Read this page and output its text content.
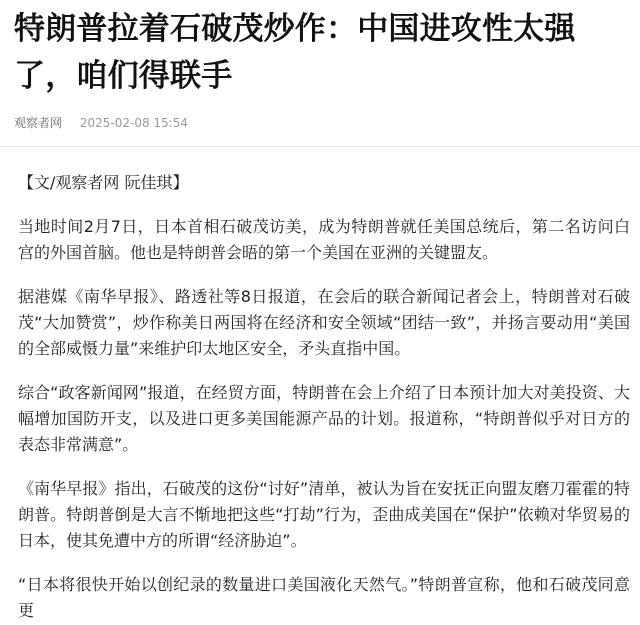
特朗普拉着石破茂炒作：中国进攻性太强了，咱们得联手
观察者网 2025-02-08 15:54

【文/观察者网 阮佳琪】

当地时间2月7日，日本首相石破茂访美，成为特朗普就任美国总统后，第二名访问白宫的外国首脑。他也是特朗普会晤的第一个美国在亚洲的关键盟友。

据港媒《南华早报》、路透社等8日报道，在会后的联合新闻记者会上，特朗普对石破茂“大加赞赏”，炒作称美日两国将在经济和安全领域“团结一致”，并扬言要动用“美国的全部威慑力量”来维护印太地区安全，矛头直指中国。

综合“政客新闻网”报道，在经贸方面，特朗普在会上介绍了日本预计加大对美投资、大幅增加国防开支，以及进口更多美国能源产品的计划。报道称，“特朗普似乎对日方的表态非常满意”。

《南华早报》指出，石破茂的这份“讨好”清单，被认为旨在安抚正向盟友磨刀霍霍的特朗普。特朗普倒是大言不惭地把这些“打劫”行为，歪曲成美国在“保护”依赖对华贸易的日本，使其免遭中方的所谓“经济胁迫”。

“日本将很快开始以创纪录的数量进口美国液化天然气。”特朗普宣称，他和石破茂同意更
